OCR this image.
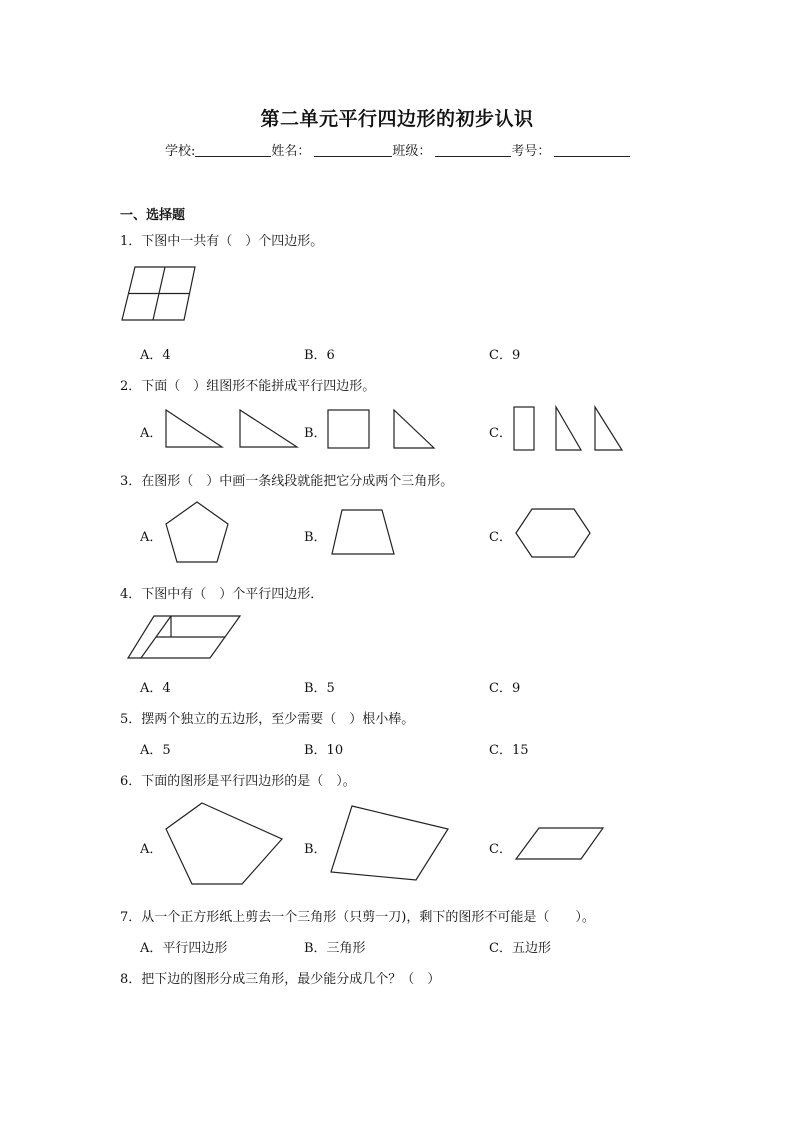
第二单元平行四边形的初步认识
学校:	姓名：	班级：	考号：
一、选择题
1．下图中一共有（　）个四边形。
A．4	B．6	C．9
2．下面（　）组图形不能拼成平行四边形。
A．	B．	C．
3．在图形（　）中画一条线段就能把它分成两个三角形。
A．	B．	C．
4．下图中有（　）个平行四边形．
A．4	B．5	C．9
5．摆两个独立的五边形，至少需要（　）根小棒。
A．5	B．10	C．15
6．下面的图形是平行四边形的是（　）。
A．	B．	C．
7．从一个正方形纸上剪去一个三角形（只剪一刀)，剩下的图形不可能是（　　）。
A．平行四边形	B．三角形	C．五边形
8．把下边的图形分成三角形，最少能分成几个？（　）
